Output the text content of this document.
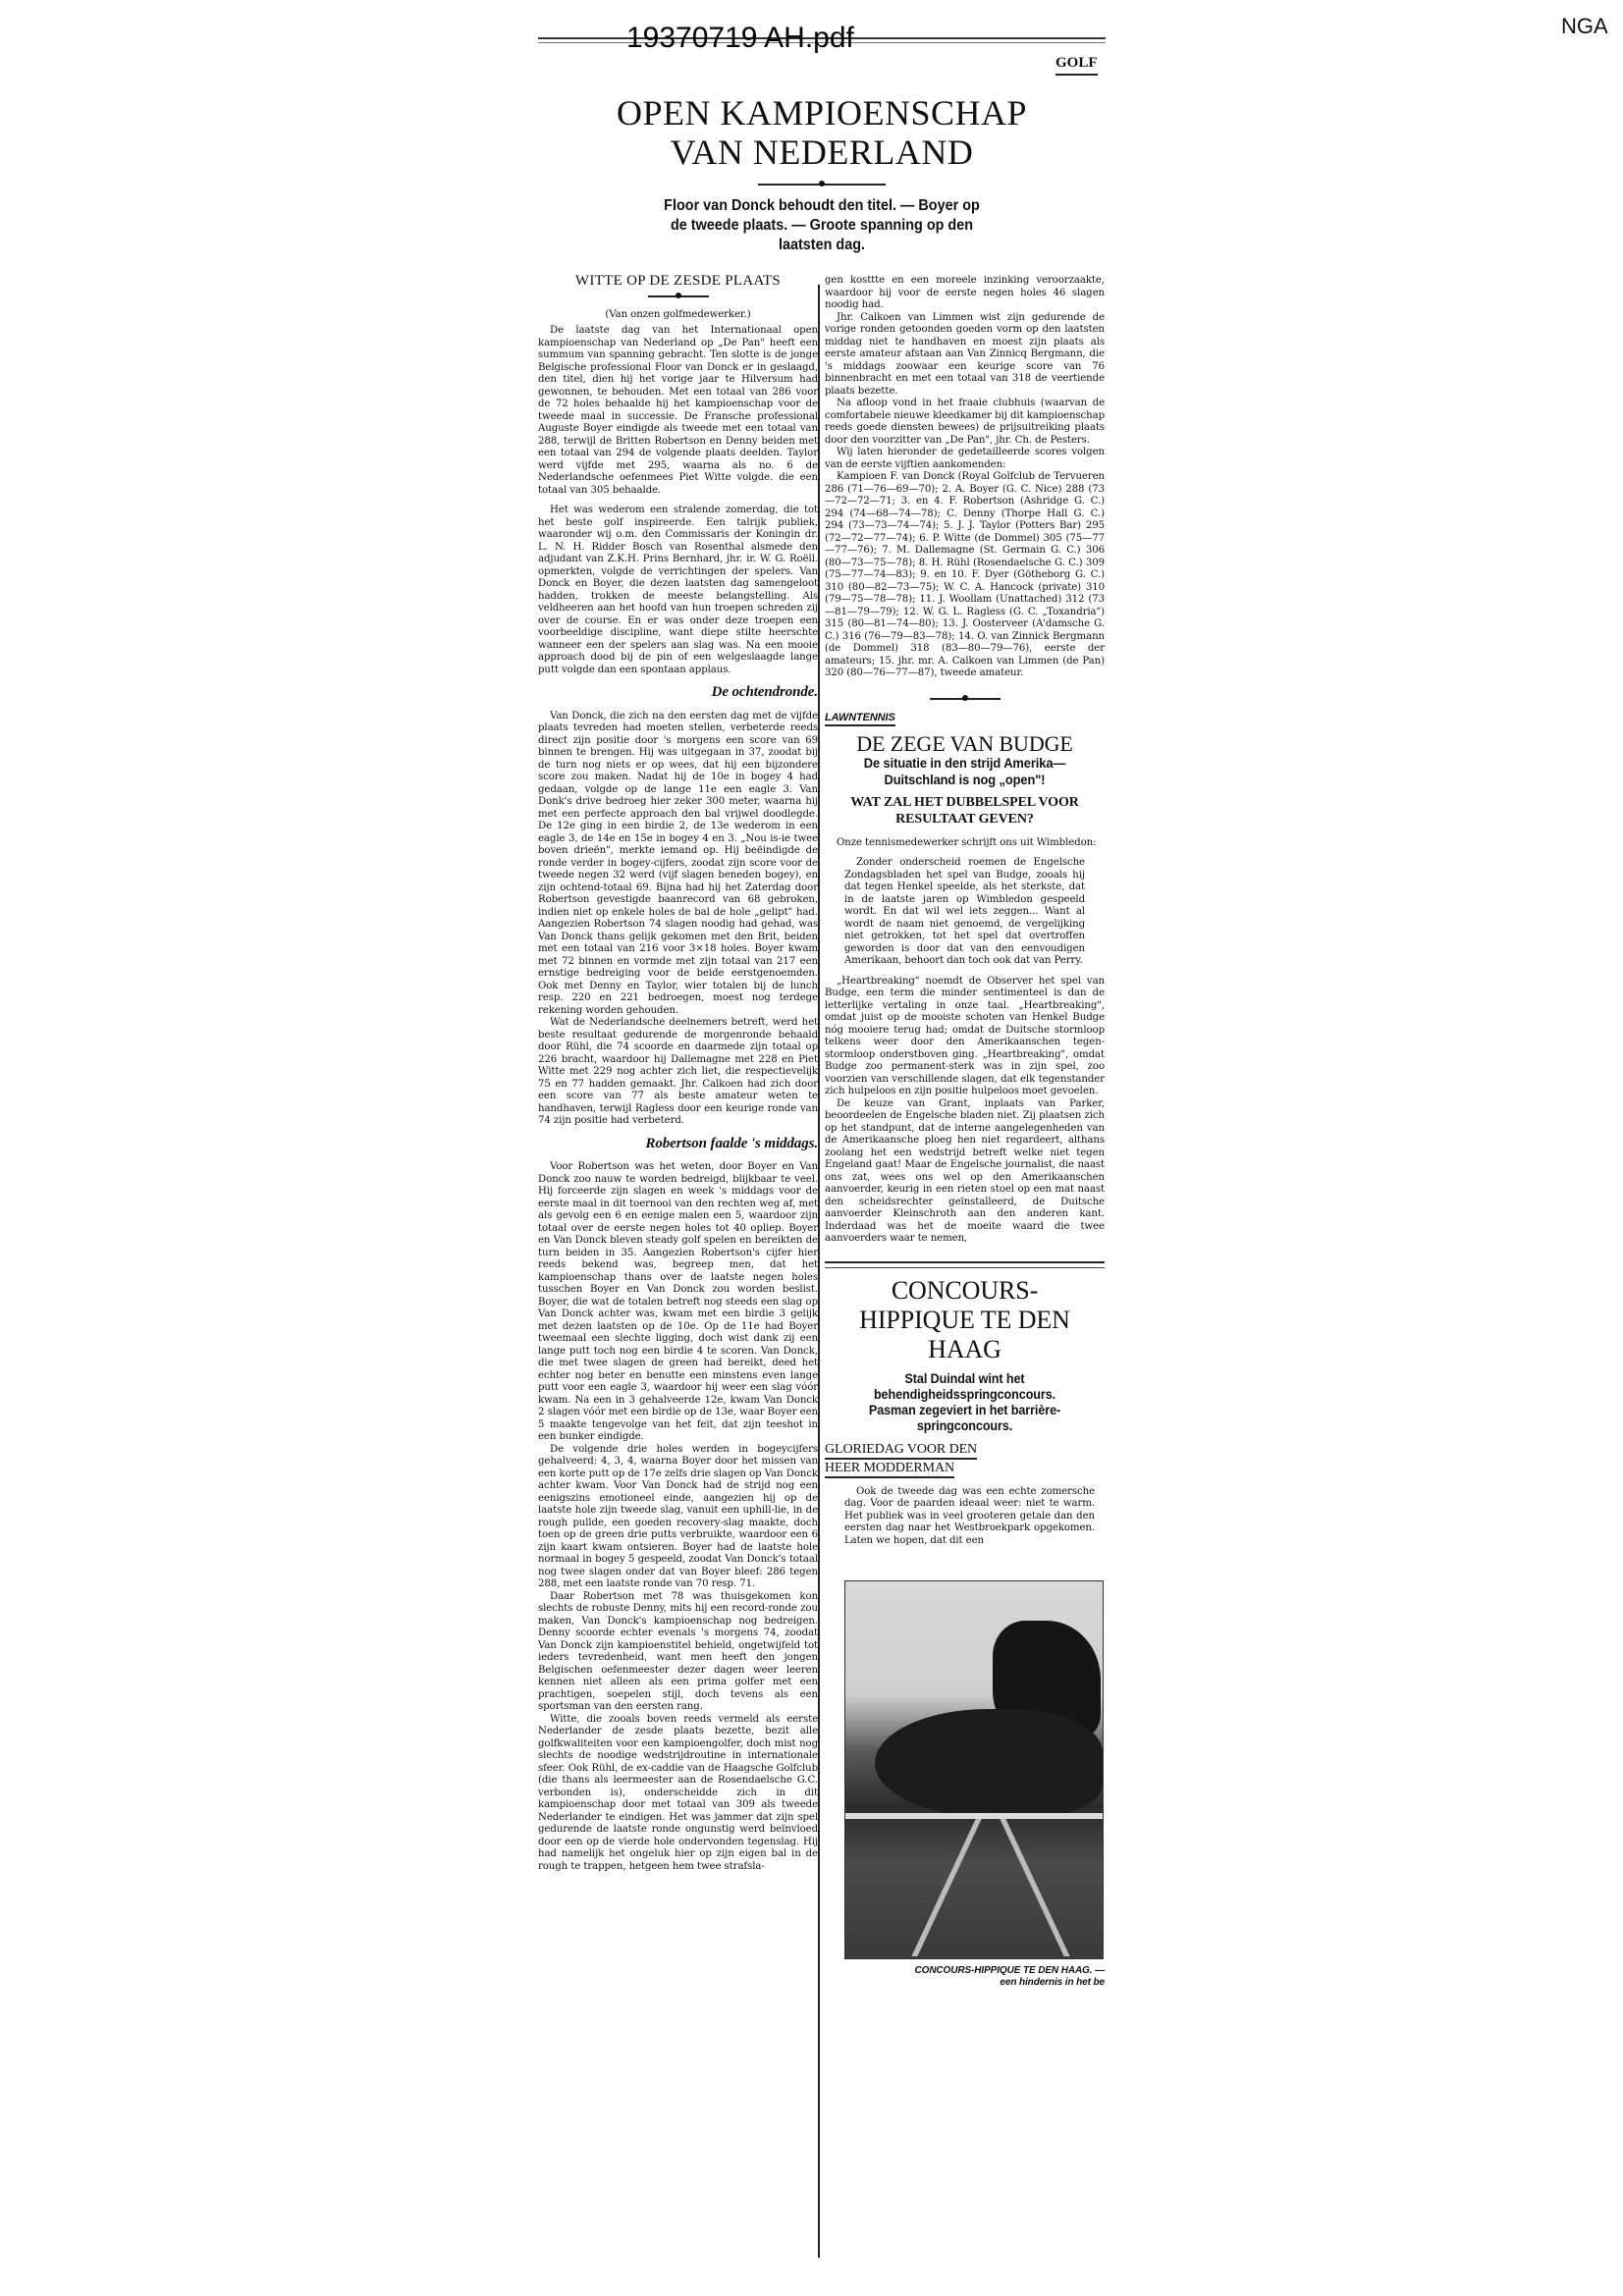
NGA
19370719 AH.pdf
GOLF
OPEN KAMPIOENSCHAP VAN NEDERLAND
Floor van Donck behoudt den titel. — Boyer op de tweede plaats. — Groote spanning op den laatsten dag.
WITTE OP DE ZESDE PLAATS

(Van onzen golfmedewerker.)

De laatste dag van het Internationaal open kampioenschap van Nederland op „De Pan" heeft een summum van spanning gebracht. Ten slotte is de jonge Belgische professional Floor van Donck er in geslaagd, den titel, dien hij het vorige jaar te Hilversum had gewonnen, te behouden. Met een totaal van 286 voor de 72 holes behaalde hij het kampioenschap voor de tweede maal in successie. De Fransche professional Auguste Boyer eindigde als tweede met een totaal van 288, terwijl de Britten Robertson en Denny beiden met een totaal van 294 de volgende plaats deelden. Taylor werd vijfde met 295, waarna als no. 6 de Nederlandsche oefenmees Piet Witte volgde. die een totaal van 305 behaalde.

Het was wederom een stralende zomerdag, die tot het beste golf inspireerde. Een talrijk publiek, waaronder wij o.m. den Commissaris der Koningin dr. L. N. H. Ridder Bosch van Rosenthal alsmede den adjudant van Z.K.H. Prins Bernhard, jhr. ir. W. G. Roëll. opmerkten, volgde de verrichtingen der spelers. Van Donck en Boyer, die dezen laatsten dag samengeloot hadden, trokken de meeste belangstelling. Als veldheeren aan het hoofd van hun troepen schreden zij over de course. En er was onder deze troepen een voorbeeldige discipline, want diepe stilte heerschte wanneer een der spelers aan slag was. Na een mooie approach dood bij de pin of een welgeslaagde lange putt volgde dan een spontaan applaus.

De ochtendronde.

Van Donck, die zich na den eersten dag met de vijfde plaats tevreden had moeten stellen, verbeterde reeds direct zijn positie door 's morgens een score van 69 binnen te brengen. Hij was uitgegaan in 37, zoodat bij de turn nog niets er op wees, dat hij een bijzondere score zou maken. Nadat hij de 10e in bogey 4 had gedaan, volgde op de lange 11e een eagle 3. Van Donk's drive bedroeg hier zeker 300 meter, waarna hij met een perfecte approach den bal vrijwel doodlegde. De 12e ging in een birdie 2, de 13e wederom in een eagle 3, de 14e en 15e in bogey 4 en 3. „Nou is-ie twee boven drieën", merkte iemand op. Hij beëindigde de ronde verder in bogey-cijfers, zoodat zijn score voor de tweede negen 32 werd (vijf slagen beneden bogey), en zijn ochtend-totaal 69. Bijna had hij het Zaterdag door Robertson gevestigde baanrecord van 68 gebroken, indien niet op enkele holes de bal de hole „gelipt" had. Aangezien Robertson 74 slagen noodig had gehad, was Van Donck thans gelijk gekomen met den Brit, beiden met een totaal van 216 voor 3×18 holes. Boyer kwam met 72 binnen en vormde met zijn totaal van 217 een ernstige bedreiging voor de beide eerstgenoemden. Ook met Denny en Taylor, wier totalen bij de lunch resp. 220 en 221 bedroegen, moest nog terdege rekening worden gehouden.

Wat de Nederlandsche deelnemers betreft, werd het beste resultaat gedurende de morgenronde behaald door Rühl, die 74 scoorde en daarmede zijn totaal op 226 bracht, waardoor hij Dallemagne met 228 en Piet Witte met 229 nog achter zich liet, die respectievelijk 75 en 77 hadden gemaakt. Jhr. Calkoen had zich door een score van 77 als beste amateur weten te handhaven, terwijl Ragless door een keurige ronde van 74 zijn positie had verbeterd.

Robertson faalde 's middags.

Voor Robertson was het weten, door Boyer en Van Donck zoo nauw te worden bedreigd, blijkbaar te veel. Hij forceerde zijn slagen en week 's middags voor de eerste maal in dit toernooi van den rechten weg af, met als gevolg een 6 en eenige malen een 5, waardoor zijn totaal over de eerste negen holes tot 40 opliep. Boyer en Van Donck bleven steady golf spelen en bereikten de turn beiden in 35. Aangezien Robertson's cijfer hier reeds bekend was, begreep men, dat het kampioenschap thans over de laatste negen holes tusschen Boyer en Van Donck zou worden beslist. Boyer, die wat de totalen betreft nog steeds een slag op Van Donck achter was, kwam met een birdie 3 gelijk met dezen laatsten op de 10e. Op de 11e had Boyer tweemaal een slechte ligging, doch wist dank zij een lange putt toch nog een birdie 4 te scoren. Van Donck, die met twee slagen de green had bereikt, deed het echter nog beter en benutte een minstens even lange putt voor een eagle 3, waardoor hij weer een slag vóór kwam. Na een in 3 gehalveerde 12e, kwam Van Donck 2 slagen vóór met een birdie op de 13e, waar Boyer een 5 maakte tengevolge van het feit, dat zijn teeshot in een bunker eindigde.

De volgende drie holes werden in bogeycijfers gehalveerd: 4, 3, 4, waarna Boyer door het missen van een korte putt op de 17e zelfs drie slagen op Van Donck achter kwam. Voor Van Donck had de strijd nog een eenigszins emotioneel einde, aangezien hij op de laatste hole zijn tweede slag, vanuit een uphill-lie, in de rough pullde, een goeden recovery-slag maakte, doch toen op de green drie putts verbruikte, waardoor een 6 zijn kaart kwam ontsieren. Boyer had de laatste hole normaal in bogey 5 gespeeld, zoodat Van Donck's totaal nog twee slagen onder dat van Boyer bleef: 286 tegen 288, met een laatste ronde van 70 resp. 71.

Daar Robertson met 78 was thuisgekomen kon slechts de robuste Denny, mits hij een record-ronde zou maken, Van Donck's kampioenschap nog bedreigen. Denny scoorde echter evenals 's morgens 74, zoodat Van Donck zijn kampioenstitel behield, ongetwijfeld tot ieders tevredenheid, want men heeft den jongen Belgischen oefenmeester dezer dagen weer leeren kennen niet alleen als een prima golfer met een prachtigen, soepelen stijl, doch tevens als een sportsman van den eersten rang.

Witte, die zooals boven reeds vermeld als eerste Nederlander de zesde plaats bezette, bezit alle golfkwaliteiten voor een kampioengolfer, doch mist nog slechts de noodige wedstrijdroutine in internationale sfeer. Ook Rühl, de ex-caddie van de Haagsche Golfclub (die thans als leermeester aan de Rosendaelsche G.C. verbonden is), onderscheidde zich in dit kampioenschap door met totaal van 309 als tweede Nederlander te eindigen. Het was jammer dat zijn spel gedurende de laatste ronde ongunstig werd beïnvloed door een op de vierde hole ondervonden tegenslag. Hij had namelijk het ongeluk hier op zijn eigen bal in de rough te trappen, hetgeen hem twee strafsla-

gen kosttte en een moreele inzinking veroorzaakte, waardoor hij voor de eerste negen holes 46 slagen noodig had.

Jhr. Calkoen van Limmen wist zijn gedurende de vorige ronden getoonden goeden vorm op den laatsten middag niet te handhaven en moest zijn plaats als eerste amateur afstaan aan Van Zinnicq Bergmann, die 's middags zoowaar een keurige score van 76 binnenbracht en met een totaal van 318 de veertiende plaats bezette.

Na afloop vond in het fraaie clubhuis (waarvan de comfortabele nieuwe kleedkamer bij dit kampioenschap reeds goede diensten bewees) de prijsuitreiking plaats door den voorzitter van „De Pan", jhr. Ch. de Pesters.

Wij laten hieronder de gedetailleerde scores volgen van de eerste vijftien aankomenden:

Kampioen F. van Donck (Royal Golfclub de Tervueren 286 (71—76—69—70); 2. A. Boyer (G. C. Nice) 288 (73—72—72—71; 3. en 4. F. Robertson (Ashridge G. C.) 294 (74—68—74—78); C. Denny (Thorpe Hall G. C.) 294 (73—73—74—74); 5. J. J. Taylor (Potters Bar) 295 (72—72—77—74); 6. P. Witte (de Dommel) 305 (75—77—77—76); 7. M. Dallemagne (St. Germain G. C.) 306 (80—73—75—78); 8. H. Rühl (Rosendaelsche G. C.) 309 (75—77—74—83); 9. en 10. F. Dyer (Götheborg G. C.) 310 (80—82—73—75); W. C. A. Hancock (private) 310 (79—75—78—78); 11. J. Woollam (Unattached) 312 (73—81—79—79); 12. W. G. L. Ragless (G. C. „Toxandria") 315 (80—81—74—80); 13. J. Oosterveer (A'damsche G. C.) 316 (76—79—83—78); 14. O. van Zinnick Bergmann (de Dommel) 318 (83—80—79—76), eerste der amateurs; 15. jhr. mr. A. Calkoen van Limmen (de Pan) 320 (80—76—77—87), tweede amateur.

LAWNTENNIS
DE ZEGE VAN BUDGE
De situatie in den strijd Amerika— Duitschland is nog „open"!
WAT ZAL HET DUBBELSPEL VOOR RESULTAAT GEVEN?

Onze tennismedewerker schrijft ons uit Wimbledon:

Zonder onderscheid roemen de Engelsche Zondagsbladen het spel van Budge, zooals hij dat tegen Henkel speelde, als het sterkste, dat in de laatste jaren op Wimbledon gespeeld wordt. En dat wil wel iets zeggen... Want al wordt de naam niet genoemd, de vergelijking niet getrokken, tot het spel dat overtroffen geworden is door dat van den eenvoudigen Amerikaan, behoort dan toch ook dat van Perry.

„Heartbreaking" noemdt de Observer het spel van Budge, een term die minder sentimenteel is dan de letterlijke vertaling in onze taal. „Heartbreaking", omdat juist op de mooiste schoten van Henkel Budge nóg mooiere terug had; omdat de Duitsche stormloop telkens weer door den Amerikaanschen tegen-stormloop onderstboven ging. „Heartbreaking", omdat Budge zoo permanent-sterk was in zijn spel, zoo voorzien van verschillende slagen, dat elk tegenstander zich hulpeloos en zijn positie hulpeloos moet gevoelen.

De keuze van Grant, inplaats van Parker, beoordeelen de Engelsche bladen niet. Zij plaatsen zich op het standpunt, dat de interne aangelegenheden van de Amerikaansche ploeg hen niet regardeert, althans zoolang het een wedstrijd betreft welke niet tegen Engeland gaat! Maar de Engelsche journalist, die naast ons zat, wees ons wel op den Amerikaanschen aanvoerder, keurig in een rieten stoel op een mat naast den scheidsrechter geïnstalleerd, de Duitsche aanvoerder Kleinschroth aan den anderen kant. Inderdaad was het de moeite waard die twee aanvoerders waar te nemen,

CONCOURS-HIPPIQUE TE DEN HAAG
Stal Duindal wint het behendigheidsspringconcours. Pasman zegeviert in het barrière-springconcours.
GLORIEDAG VOOR DEN
HEER MODDERMAN

Ook de tweede dag was een echte zomersche dag. Voor de paarden ideaal weer: niet te warm. Het publiek was in veel grooteren getale dan den eersten dag naar het Westbroekpark opgekomen. Laten we hopen, dat dit een

CONCOURS-HIPPIQUE TE DEN HAAG. —
een hindernis in het be
